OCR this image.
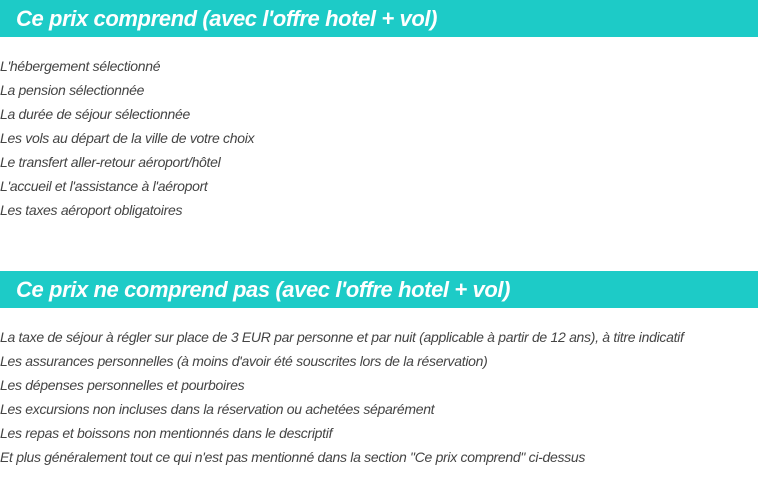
Ce prix comprend (avec l'offre hotel + vol)
L'hébergement sélectionné
La pension sélectionnée
La durée de séjour sélectionnée
Les vols au départ de la ville de votre choix
Le transfert aller-retour aéroport/hôtel
L'accueil et l'assistance à l'aéroport
Les taxes aéroport obligatoires
Ce prix ne comprend pas (avec l'offre hotel + vol)
La taxe de séjour à régler sur place de 3 EUR par personne et par nuit (applicable à partir de 12 ans), à titre indicatif
Les assurances personnelles (à moins d'avoir été souscrites lors de la réservation)
Les dépenses personnelles et pourboires
Les excursions non incluses dans la réservation ou achetées séparément
Les repas et boissons non mentionnés dans le descriptif
Et plus généralement tout ce qui n'est pas mentionné dans la section "Ce prix comprend" ci-dessus
